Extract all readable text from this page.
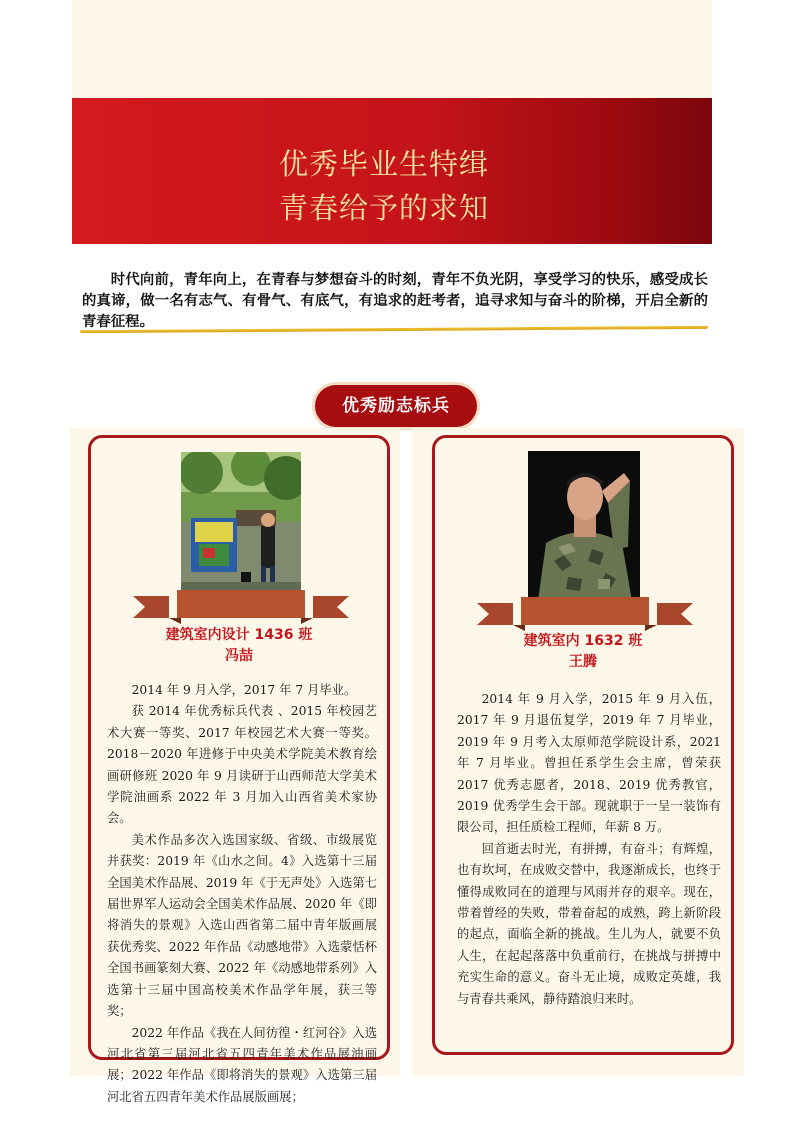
优秀毕业生特缉
青春给予的求知

时代向前，青年向上，在青春与梦想奋斗的时刻，青年不负光阴，享受学习的快乐，感受成长的真谛，做一名有志气、有骨气、有底气，有追求的赶考者，追寻求知与奋斗的阶梯，开启全新的青春征程。

优秀励志标兵
建筑室内设计 1436 班
冯喆

2014 年 9 月入学，2017 年 7 月毕业。

获 2014 年优秀标兵代表 、2015 年校园艺术大赛一等奖、2017 年校园艺术大赛一等奖。2018－2020 年进修于中央美术学院美术教育绘画研修班 2020 年 9 月读研于山西师范大学美术学院油画系 2022 年 3 月加入山西省美术家协会。

美术作品多次入选国家级、省级、市级展览并获奖：2019 年《山水之间。4》入选第十三届全国美术作品展、2019 年《于无声处》入选第七届世界军人运动会全国美术作品展、2020 年《即将消失的景观》入选山西省第二届中青年版画展获优秀奖、2022 年作品《动感地带》入选蒙恬杯全国书画篆刻大赛、2022 年《动感地带系列》入选第十三届中国高校美术作品学年展，获三等奖；

2022 年作品《我在人间彷徨・红河谷》入选河北省第三届河北省五四青年美术作品展油画展；2022 年作品《即将消失的景观》入选第三届河北省五四青年美术作品展版画展；

建筑室内 1632 班
王腾

2014 年 9 月入学，2015 年 9 月入伍，2017 年 9 月退伍复学，2019 年 7 月毕业，2019 年 9 月考入太原师范学院设计系，2021 年 7 月毕业。曾担任系学生会主席，曾荣获 2017 优秀志愿者，2018、2019 优秀教官，2019 优秀学生会干部。现就职于一呈一装饰有限公司，担任质检工程师，年薪 8 万。

回首逝去时光，有拼搏，有奋斗；有辉煌，也有坎坷，在成败交替中，我逐渐成长，也终于懂得成败同在的道理与风雨并存的艰辛。现在，带着曾经的失败，带着奋起的成熟，跨上新阶段的起点，面临全新的挑战。生儿为人，就要不负人生，在起起落落中负重前行，在挑战与拼搏中充实生命的意义。奋斗无止境，成败定英雄，我与青春共乘风，静待踏浪归来时。
